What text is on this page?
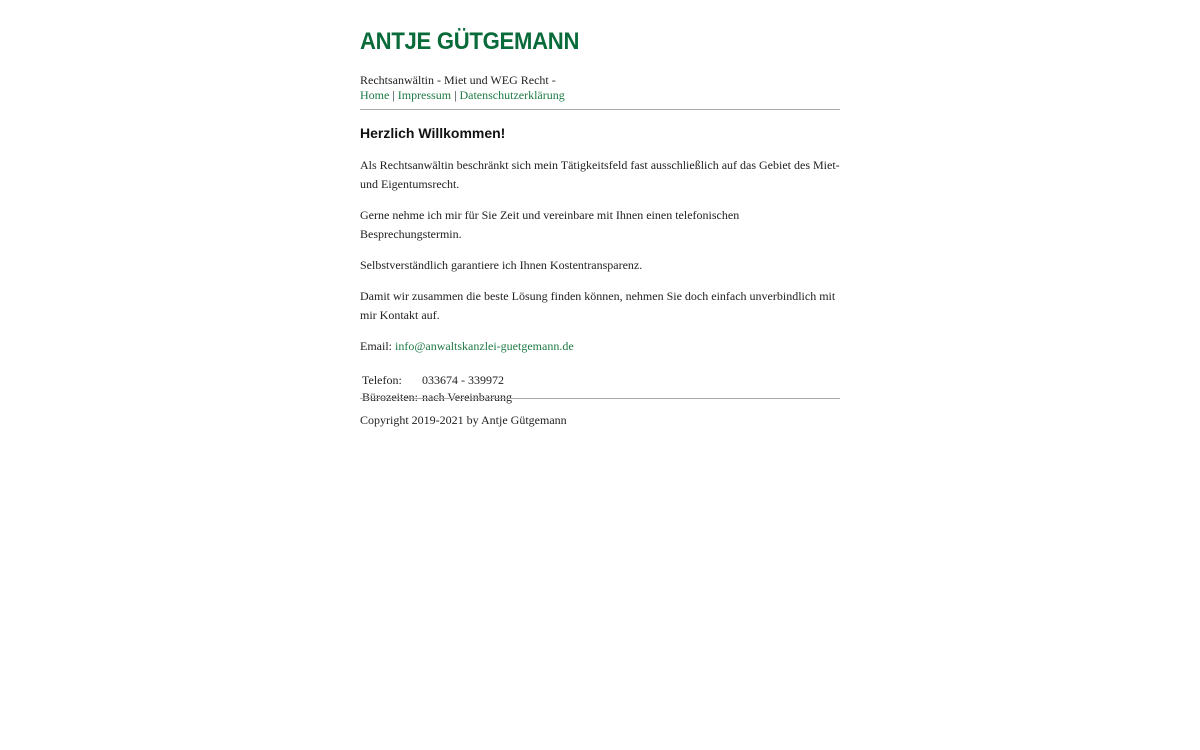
ANTJE GÜTGEMANN
Rechtsanwältin - Miet und WEG Recht -
Home | Impressum | Datenschutzerklärung
Herzlich Willkommen!

Als Rechtsanwältin beschränkt sich mein Tätigkeitsfeld fast ausschließlich auf das Gebiet des Miet- und Eigentumsrecht.

Gerne nehme ich mir für Sie Zeit und vereinbare mit Ihnen einen telefonischen Besprechungstermin.

Selbstverständlich garantiere ich Ihnen Kostentransparenz.

Damit wir zusammen die beste Lösung finden können, nehmen Sie doch einfach unverbindlich mit mir Kontakt auf.

Email: info@anwaltskanzlei-guetgemann.de

Telefon:	033674 - 339972
Bürozeiten:	nach Vereinbarung
Copyright 2019-2021 by Antje Gütgemann
